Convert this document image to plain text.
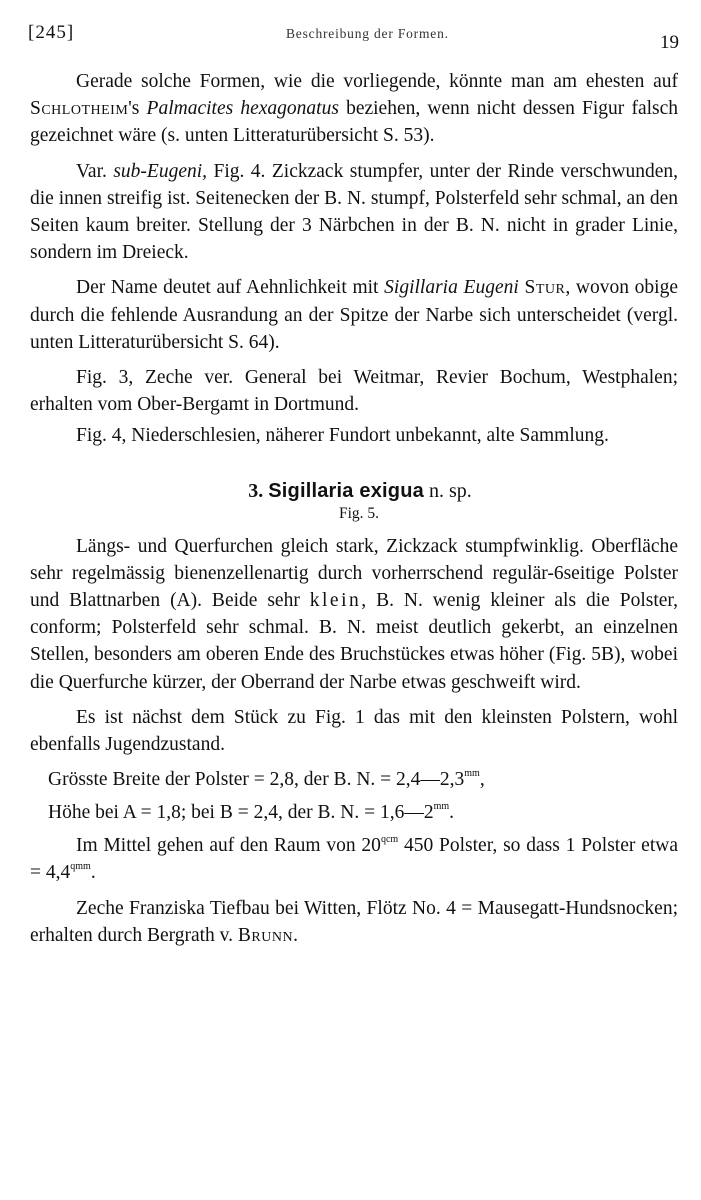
[245]	Beschreibung der Formen.	19

Gerade solche Formen, wie die vorliegende, könnte man am ehesten auf Schlotheim's Palmacites hexagonatus beziehen, wenn nicht dessen Figur falsch gezeichnet wäre (s. unten Litteraturübersicht S. 53).

Var. sub-Eugeni, Fig. 4. Zickzack stumpfer, unter der Rinde verschwunden, die innen streifig ist. Seitenecken der B. N. stumpf, Polsterfeld sehr schmal, an den Seiten kaum breiter. Stellung der 3 Närbchen in der B. N. nicht in grader Linie, sondern im Dreieck.

Der Name deutet auf Aehnlichkeit mit Sigillaria Eugeni Stur, wovon obige durch die fehlende Ausrandung an der Spitze der Narbe sich unterscheidet (vergl. unten Litteraturübersicht S. 64).

Fig. 3, Zeche ver. General bei Weitmar, Revier Bochum, Westphalen; erhalten vom Ober-Bergamt in Dortmund.

Fig. 4, Niederschlesien, näherer Fundort unbekannt, alte Sammlung.

3. Sigillaria exigua n. sp.
Fig. 5.

Längs- und Querfurchen gleich stark, Zickzack stumpfwinklig. Oberfläche sehr regelmässig bienenzellenartig durch vorherrschend regulär-6seitige Polster und Blattnarben (A). Beide sehr klein, B. N. wenig kleiner als die Polster, conform; Polsterfeld sehr schmal. B. N. meist deutlich gekerbt, an einzelnen Stellen, besonders am oberen Ende des Bruchstückes etwas höher (Fig. 5B), wobei die Querfurche kürzer, der Oberrand der Narbe etwas geschweift wird.

Es ist nächst dem Stück zu Fig. 1 das mit den kleinsten Polstern, wohl ebenfalls Jugendzustand.

Grösste Breite der Polster = 2,8, der B. N. = $2,4—2,3^{mm}$,
Höhe bei A = 1,8; bei B = 2,4, der B. N. = $1,6—2^{mm}$.

Im Mittel gehen auf den Raum von $20^{qcm}$ 450 Polster, so dass 1 Polster etwa = $4,4^{qmm}$.

Zeche Franziska Tiefbau bei Witten, Flötz No. 4 = Mausegatt-Hundsnocken; erhalten durch Bergrath v. Brunn.
